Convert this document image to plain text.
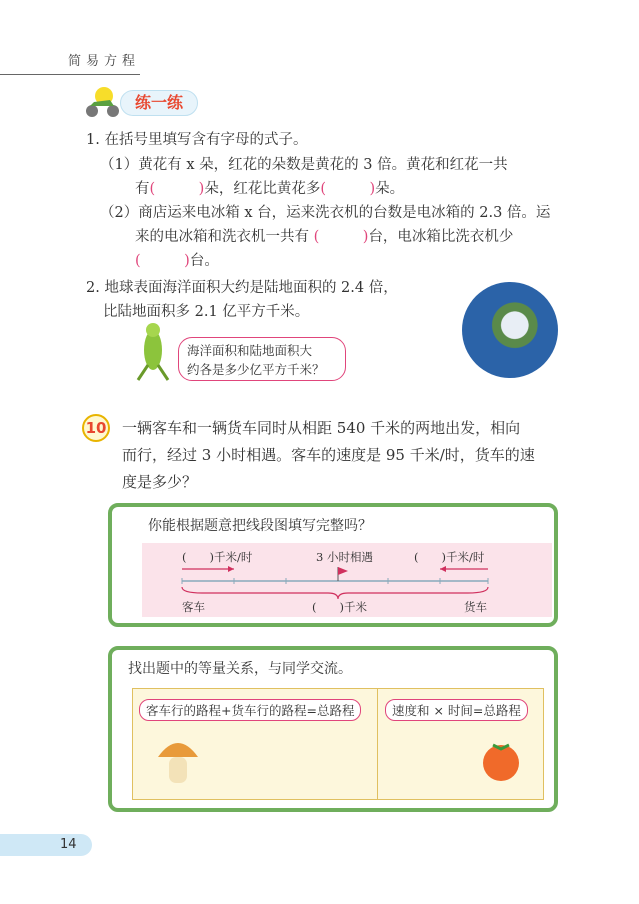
简易方程
练一练
1. 在括号里填写含有字母的式子。
（1）黄花有 x 朵，红花的朵数是黄花的 3 倍。黄花和红花一共
有(　　　)朵，红花比黄花多(　　　)朵。
（2）商店运来电冰箱 x 台，运来洗衣机的台数是电冰箱的 2.3 倍。运
来的电冰箱和洗衣机一共有 (　　　)台，电冰箱比洗衣机少
(　　　)台。
2. 地球表面海洋面积大约是陆地面积的 2.4 倍，
比陆地面积多 2.1 亿平方千米。
海洋面积和陆地面积大
约各是多少亿平方千米？
10 一辆客车和一辆货车同时从相距 540 千米的两地出发，相向
而行，经过 3 小时相遇。客车的速度是 95 千米/时，货车的速
度是多少？
你能根据题意把线段图填写完整吗？
(　　)千米/时	3 小时相遇	(　　)千米/时
客车	(　　)千米	货车
找出题中的等量关系，与同学交流。
客车行的路程+货车行的路程=总路程	速度和 × 时间=总路程
14
